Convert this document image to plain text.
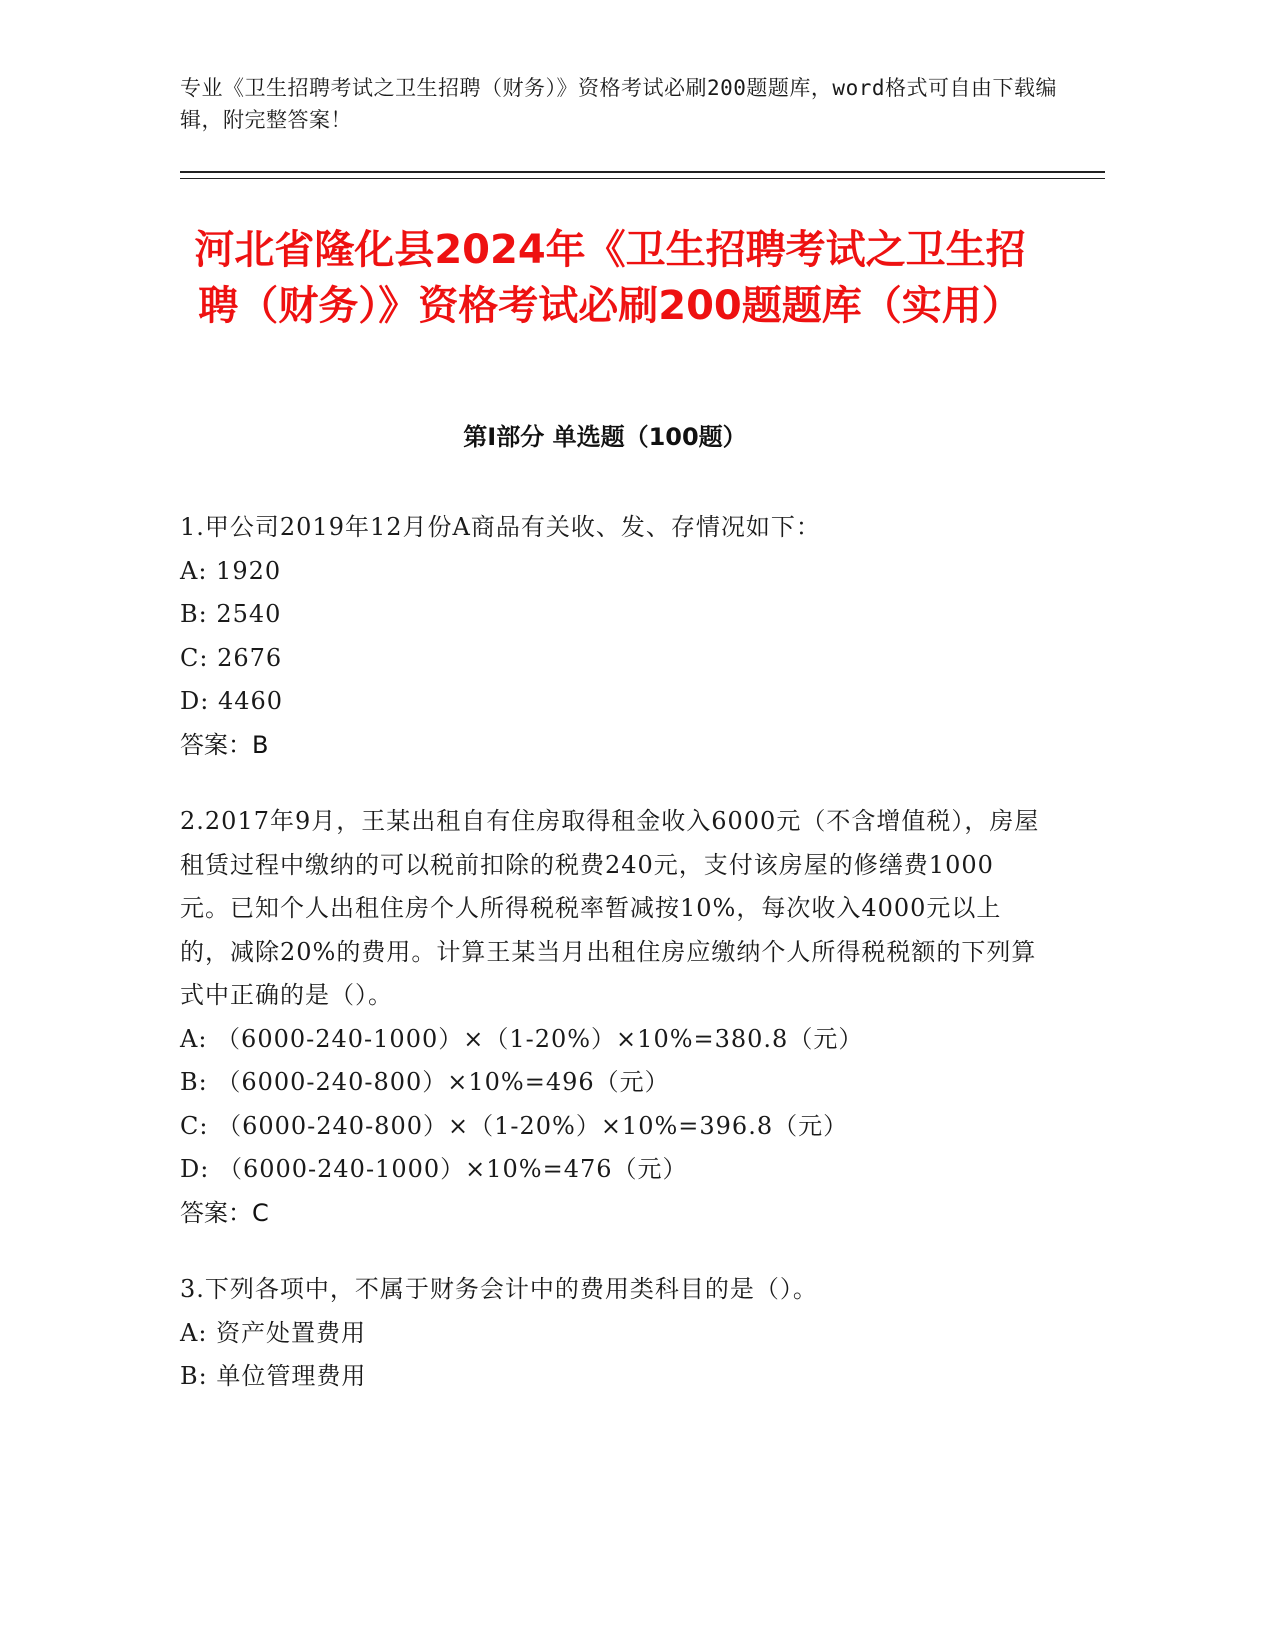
专业《卫生招聘考试之卫生招聘（财务）》资格考试必刷200题题库，word格式可自由下载编辑，附完整答案！
河北省隆化县2024年《卫生招聘考试之卫生招聘（财务）》资格考试必刷200题题库（实用）
第Ⅰ部分 单选题（100题）
1.甲公司2019年12月份A商品有关收、发、存情况如下：
A: 1920
B: 2540
C: 2676
D: 4460
答案：B
2.2017年9月，王某出租自有住房取得租金收入6000元（不含增值税），房屋租赁过程中缴纳的可以税前扣除的税费240元，支付该房屋的修缮费1000元。已知个人出租住房个人所得税税率暂减按10%，每次收入4000元以上的，减除20%的费用。计算王某当月出租住房应缴纳个人所得税税额的下列算式中正确的是（）。
A: （6000-240-1000）×（1-20%）×10%=380.8（元）
B: （6000-240-800）×10%=496（元）
C: （6000-240-800）×（1-20%）×10%=396.8（元）
D: （6000-240-1000）×10%=476（元）
答案：C
3.下列各项中，不属于财务会计中的费用类科目的是（）。
A: 资产处置费用
B: 单位管理费用
